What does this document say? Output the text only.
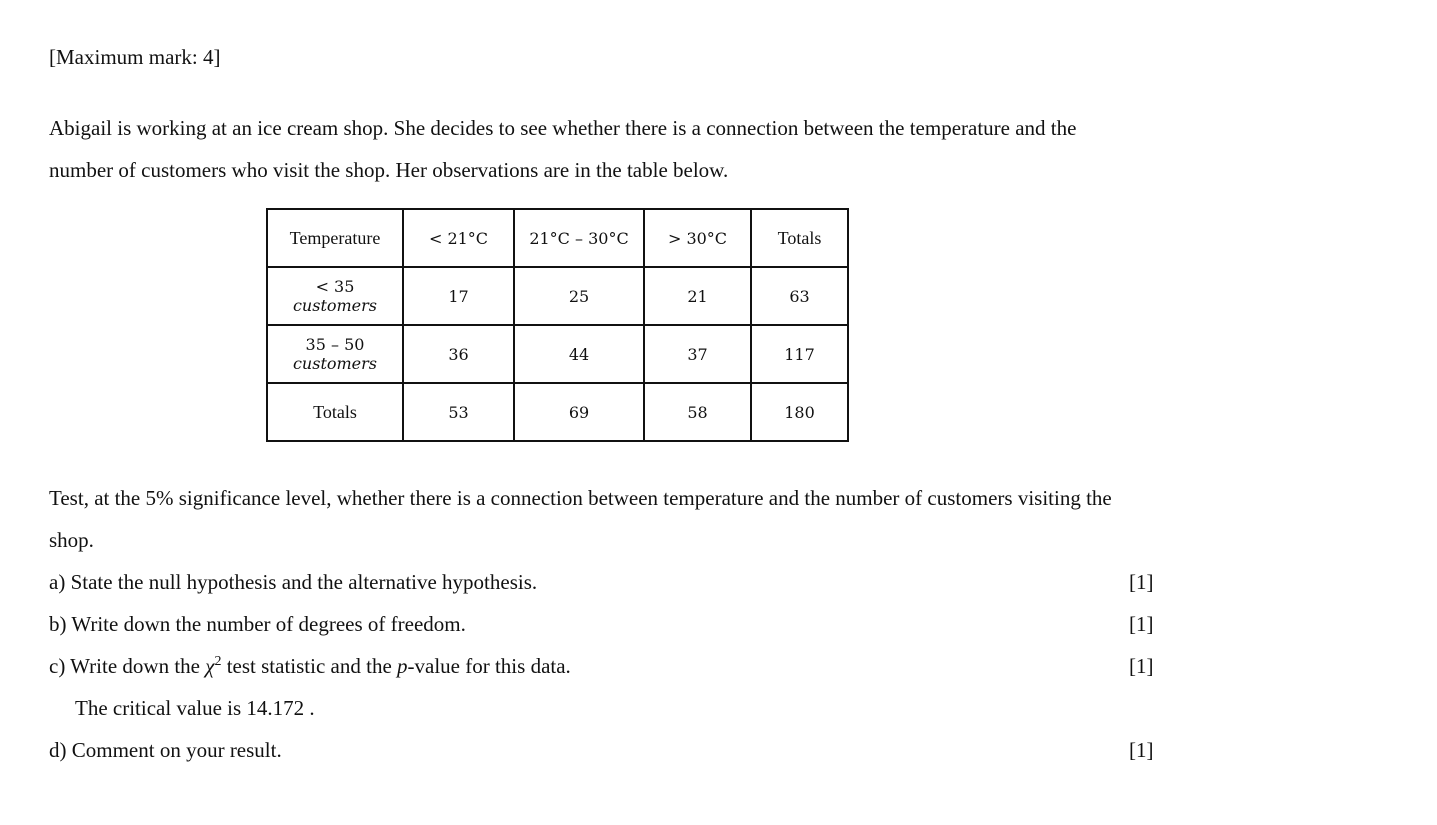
[Maximum mark: 4]
Abigail is working at an ice cream shop. She decides to see whether there is a connection between the temperature and the
number of customers who visit the shop. Her observations are in the table below.
Temperature	< 21°C	21°C – 30°C	> 30°C	Totals

< 35
customers	17	25	21	63

35 – 50
customers	36	44	37	117
Totals	53	69	58	180
Test, at the 5% significance level, whether there is a connection between temperature and the number of customers visiting the
shop.
a) State the null hypothesis and the alternative hypothesis.	[1]
b) Write down the number of degrees of freedom.	[1]
c) Write down the $\chi^2$ test statistic and the p-value for this data.	[1]
The critical value is 14.172 .
d) Comment on your result.	[1]
